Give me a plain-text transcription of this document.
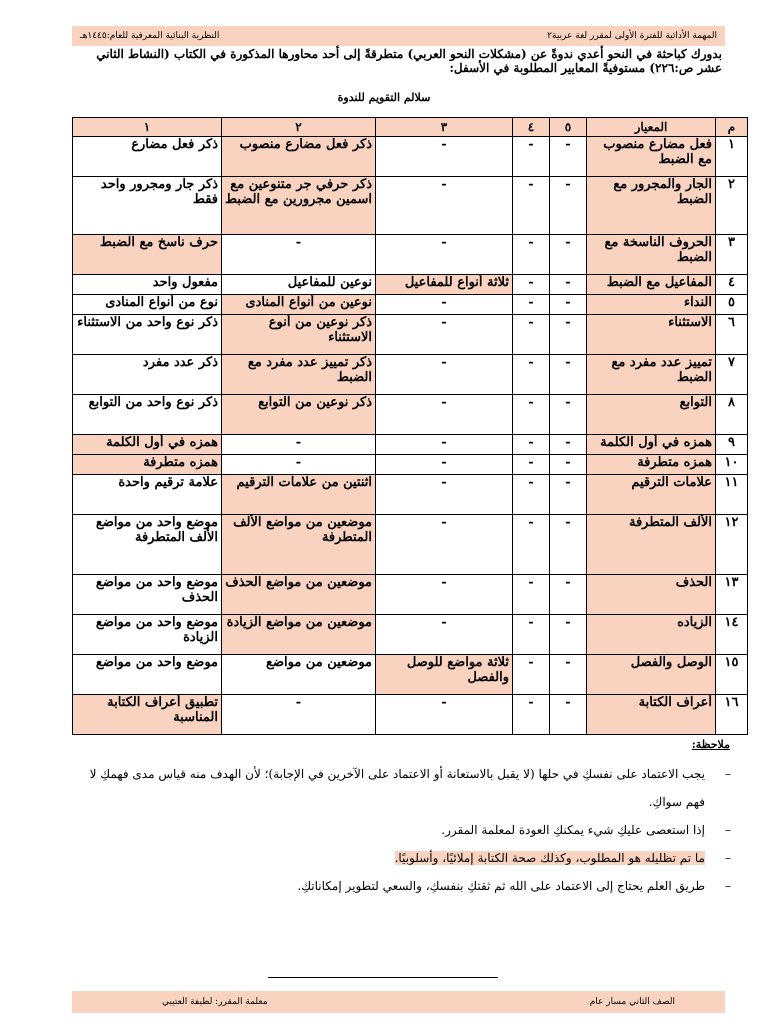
النظرية البنائية المعرفية للعام:١٤٤٥هـ	المهمة الأدائية للفترة الأولى لمقرر لغة عربية٢
بدورك كباحثة في النحو أعدي ندوةً عن (مشكلات النحو العربي) متطرقةً إلى أحد محاورها المذكورة في الكتاب (النشاط الثاني عشر ص:٢٢٦) مستوفيةً المعايير المطلوبة في الأسفل:
سلالم التقويم للندوة
م	المعيار	٥	٤	٣	٢	١
١	فعل مضارع منصوب مع الضبط	-	-	-	ذكر فعل مضارع منصوب	ذكر فعل مضارع
٢	الجار والمجرور مع الضبط	-	-	-	ذكر حرفي جر متنوعين مع اسمين مجرورين مع الضبط	ذكر جار ومجرور واحد فقط
٣	الحروف الناسخة مع الضبط	-	-	-	-	حرف ناسخ مع الضبط
٤	المفاعيل مع الضبط	-	-	ثلاثة أنواع للمفاعيل	نوعين للمفاعيل	مفعول واحد
٥	النداء	-	-	-	نوعين من أنواع المنادى	نوع من أنواع المنادى
٦	الاستثناء	-	-	-	ذكر نوعين من أنوع الاستثناء	ذكر نوع واحد من الاستثناء
٧	تمييز عدد مفرد مع الضبط	-	-	-	ذكر تمييز عدد مفرد مع الضبط	ذكر عدد مفرد
٨	التوابع	-	-	-	ذكر نوعين من التوابع	ذكر نوع واحد من التوابع
٩	همزه في أول الكلمة	-	-	-	-	همزه في أول الكلمة
١٠	همزه متطرفة	-	-	-	-	همزه متطرفة
١١	علامات الترقيم	-	-	-	اثنتين من علامات الترقيم	علامة ترقيم واحدة
١٢	الألف المتطرفة	-	-	-	موضعين من مواضع الألف المتطرفة	موضع واحد من مواضع الألف المتطرفة
١٣	الحذف	-	-	-	موضعين من مواضع الحذف	موضع واحد من مواضع الحذف
١٤	الزياده	-	-	-	موضعين من مواضع الزيادة	موضع واحد من مواضع الزيادة
١٥	الوصل والفصل	-	-	ثلاثة مواضع للوصل والفصل	موضعين من مواضع	موضع واحد من مواضع
١٦	أعراف الكتابة	-	-	-	-	تطبيق أعراف الكتابة المناسبة
ملاحظة:
– يجب الاعتماد على نفسكِ في حلها (لا يقبل بالاستعانة أو الاعتماد على الآخرين في الإجابة)؛ لأن الهدف منه قياس مدى فهمكِ لا فهم سواكِ.
– إذا استعصى عليكِ شيء يمكنكِ العودة لمعلمة المقرر.
– ما تم تظليله هو المطلوب، وكذلك صحة الكتابة إملائيًا، وأسلوبيًا.
– طريق العلم يحتاج إلى الاعتماد على الله ثم ثقتكِ بنفسكِ، والسعي لتطوير إمكاناتكِ.
معلمة المقرر: لطيفة العتيبي	الصف الثاني مسار عام
